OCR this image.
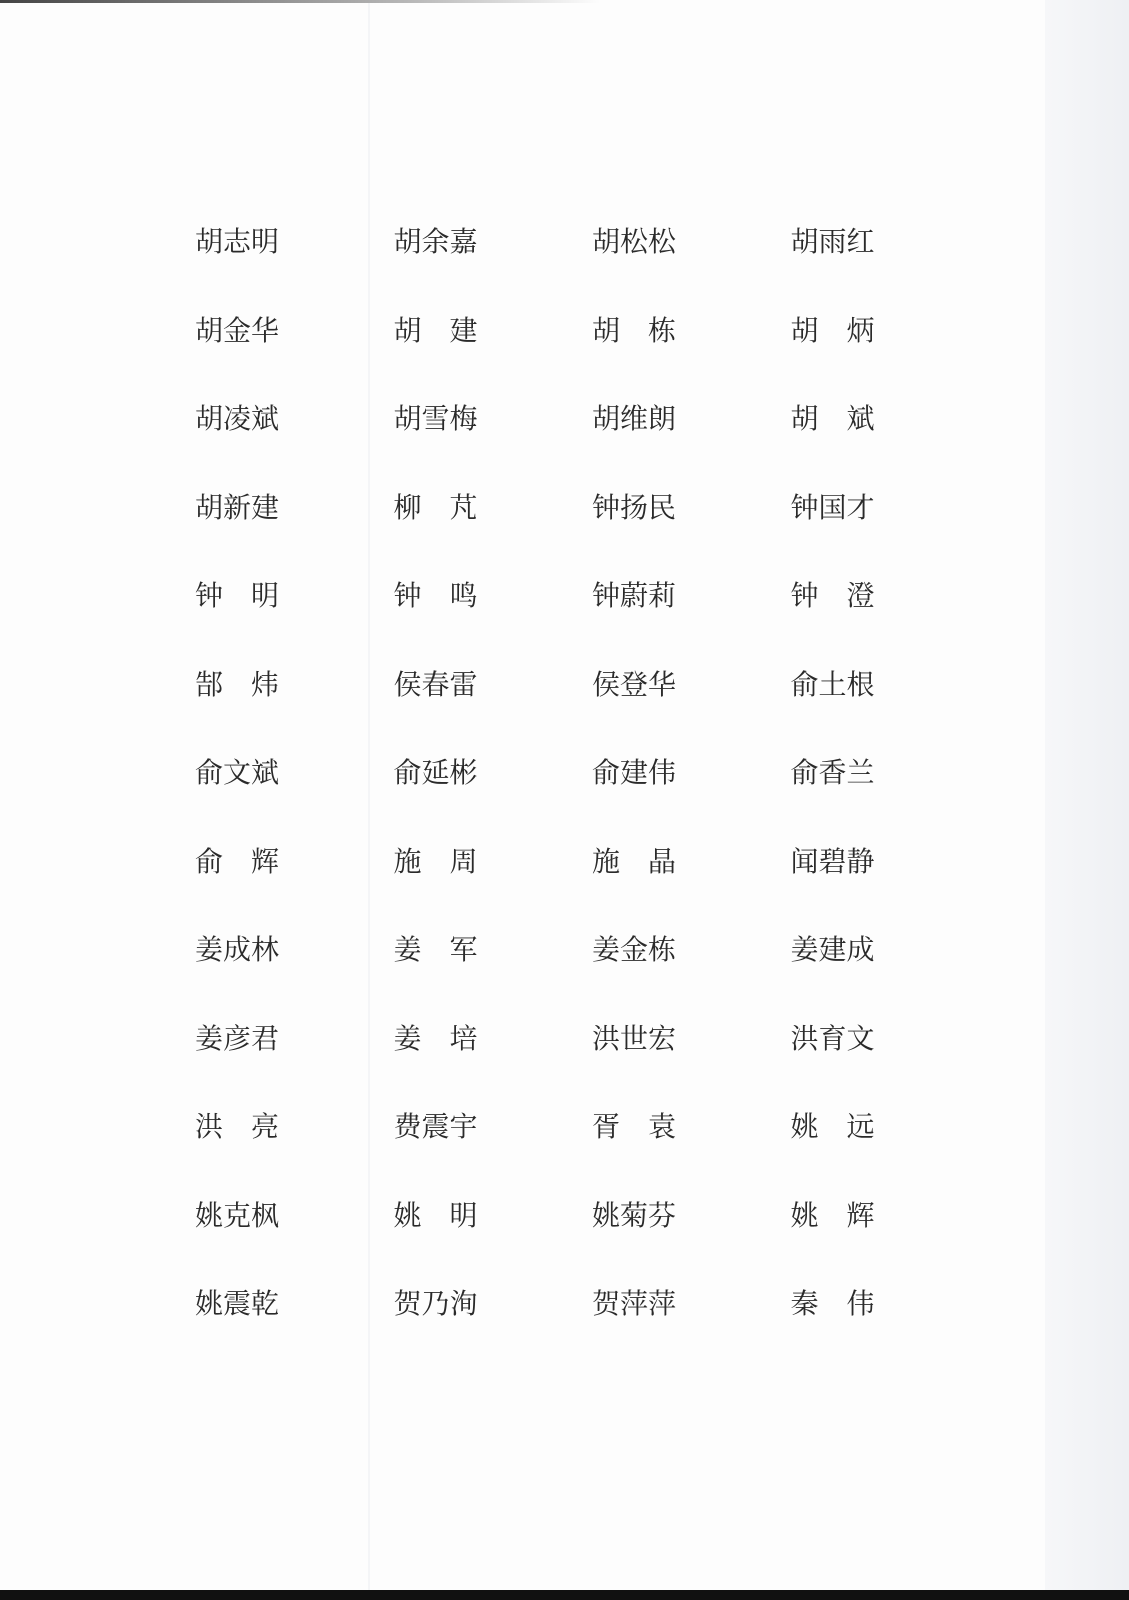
胡志明	胡余嘉	胡松松	胡雨红
胡金华	胡　建	胡　栋	胡　炳
胡凌斌	胡雪梅	胡维朗	胡　斌
胡新建	柳　芃	钟扬民	钟国才
钟　明	钟　鸣	钟蔚莉	钟　澄
郜　炜	侯春雷	侯登华	俞土根
俞文斌	俞延彬	俞建伟	俞香兰
俞　辉	施　周	施　晶	闻碧静
姜成林	姜　军	姜金栋	姜建成
姜彦君	姜　培	洪世宏	洪育文
洪　亮	费震宇	胥　袁	姚　远
姚克枫	姚　明	姚菊芬	姚　辉
姚震乾	贺乃洵	贺萍萍	秦　伟
